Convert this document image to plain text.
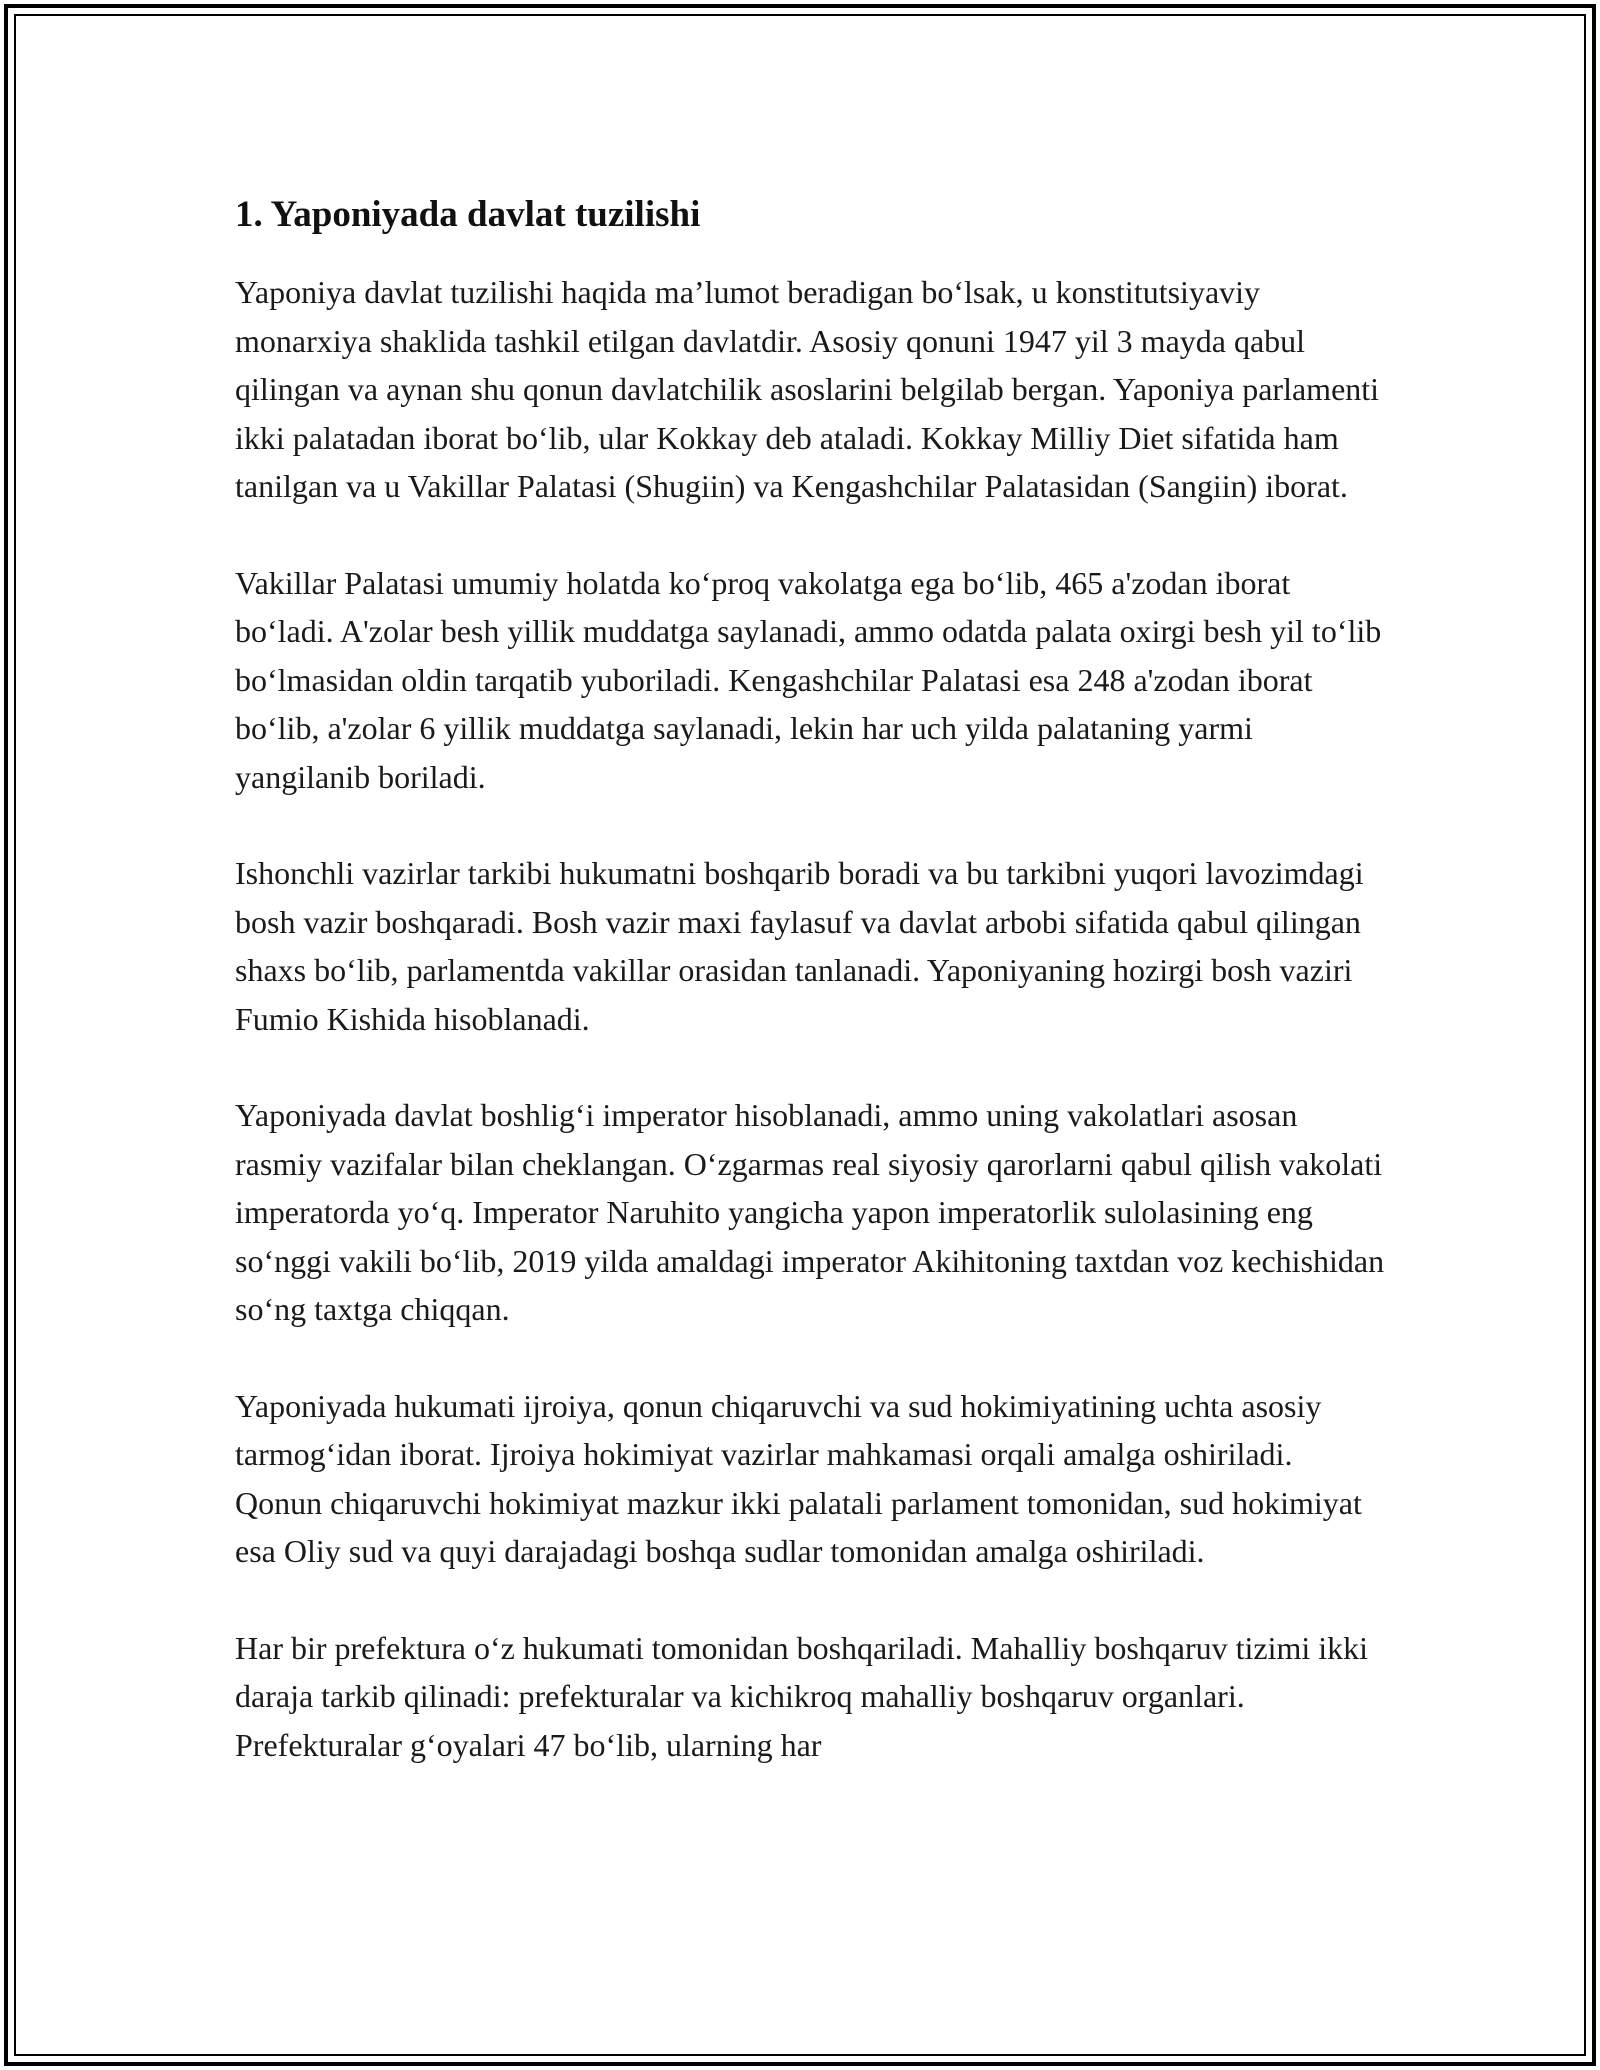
1. Yaponiyada davlat tuzilishi

Yaponiya davlat tuzilishi haqida ma’lumot beradigan bo‘lsak, u konstitutsiyaviy monarxiya shaklida tashkil etilgan davlatdir. Asosiy qonuni 1947 yil 3 mayda qabul qilingan va aynan shu qonun davlatchilik asoslarini belgilab bergan. Yaponiya parlamenti ikki palatadan iborat bo‘lib, ular Kokkay deb ataladi. Kokkay Milliy Diet sifatida ham tanilgan va u Vakillar Palatasi (Shugiin) va Kengashchilar Palatasidan (Sangiin) iborat.

Vakillar Palatasi umumiy holatda ko‘proq vakolatga ega bo‘lib, 465 a'zodan iborat bo‘ladi. A'zolar besh yillik muddatga saylanadi, ammo odatda palata oxirgi besh yil to‘lib bo‘lmasidan oldin tarqatib yuboriladi. Kengashchilar Palatasi esa 248 a'zodan iborat bo‘lib, a'zolar 6 yillik muddatga saylanadi, lekin har uch yilda palataning yarmi yangilanib boriladi.

Ishonchli vazirlar tarkibi hukumatni boshqarib boradi va bu tarkibni yuqori lavozimdagi bosh vazir boshqaradi. Bosh vazir maxi faylasuf va davlat arbobi sifatida qabul qilingan shaxs bo‘lib, parlamentda vakillar orasidan tanlanadi. Yaponiyaning hozirgi bosh vaziri Fumio Kishida hisoblanadi.

Yaponiyada davlat boshlig‘i imperator hisoblanadi, ammo uning vakolatlari asosan rasmiy vazifalar bilan cheklangan. O‘zgarmas real siyosiy qarorlarni qabul qilish vakolati imperatorda yo‘q. Imperator Naruhito yangicha yapon imperatorlik sulolasining eng so‘nggi vakili bo‘lib, 2019 yilda amaldagi imperator Akihitoning taxtdan voz kechishidan so‘ng taxtga chiqqan.

Yaponiyada hukumati ijroiya, qonun chiqaruvchi va sud hokimiyatining uchta asosiy tarmog‘idan iborat. Ijroiya hokimiyat vazirlar mahkamasi orqali amalga oshiriladi. Qonun chiqaruvchi hokimiyat mazkur ikki palatali parlament tomonidan, sud hokimiyat esa Oliy sud va quyi darajadagi boshqa sudlar tomonidan amalga oshiriladi.

Har bir prefektura o‘z hukumati tomonidan boshqariladi. Mahalliy boshqaruv tizimi ikki daraja tarkib qilinadi: prefekturalar va kichikroq mahalliy boshqaruv organlari. Prefekturalar g‘oyalari 47 bo‘lib, ularning har
